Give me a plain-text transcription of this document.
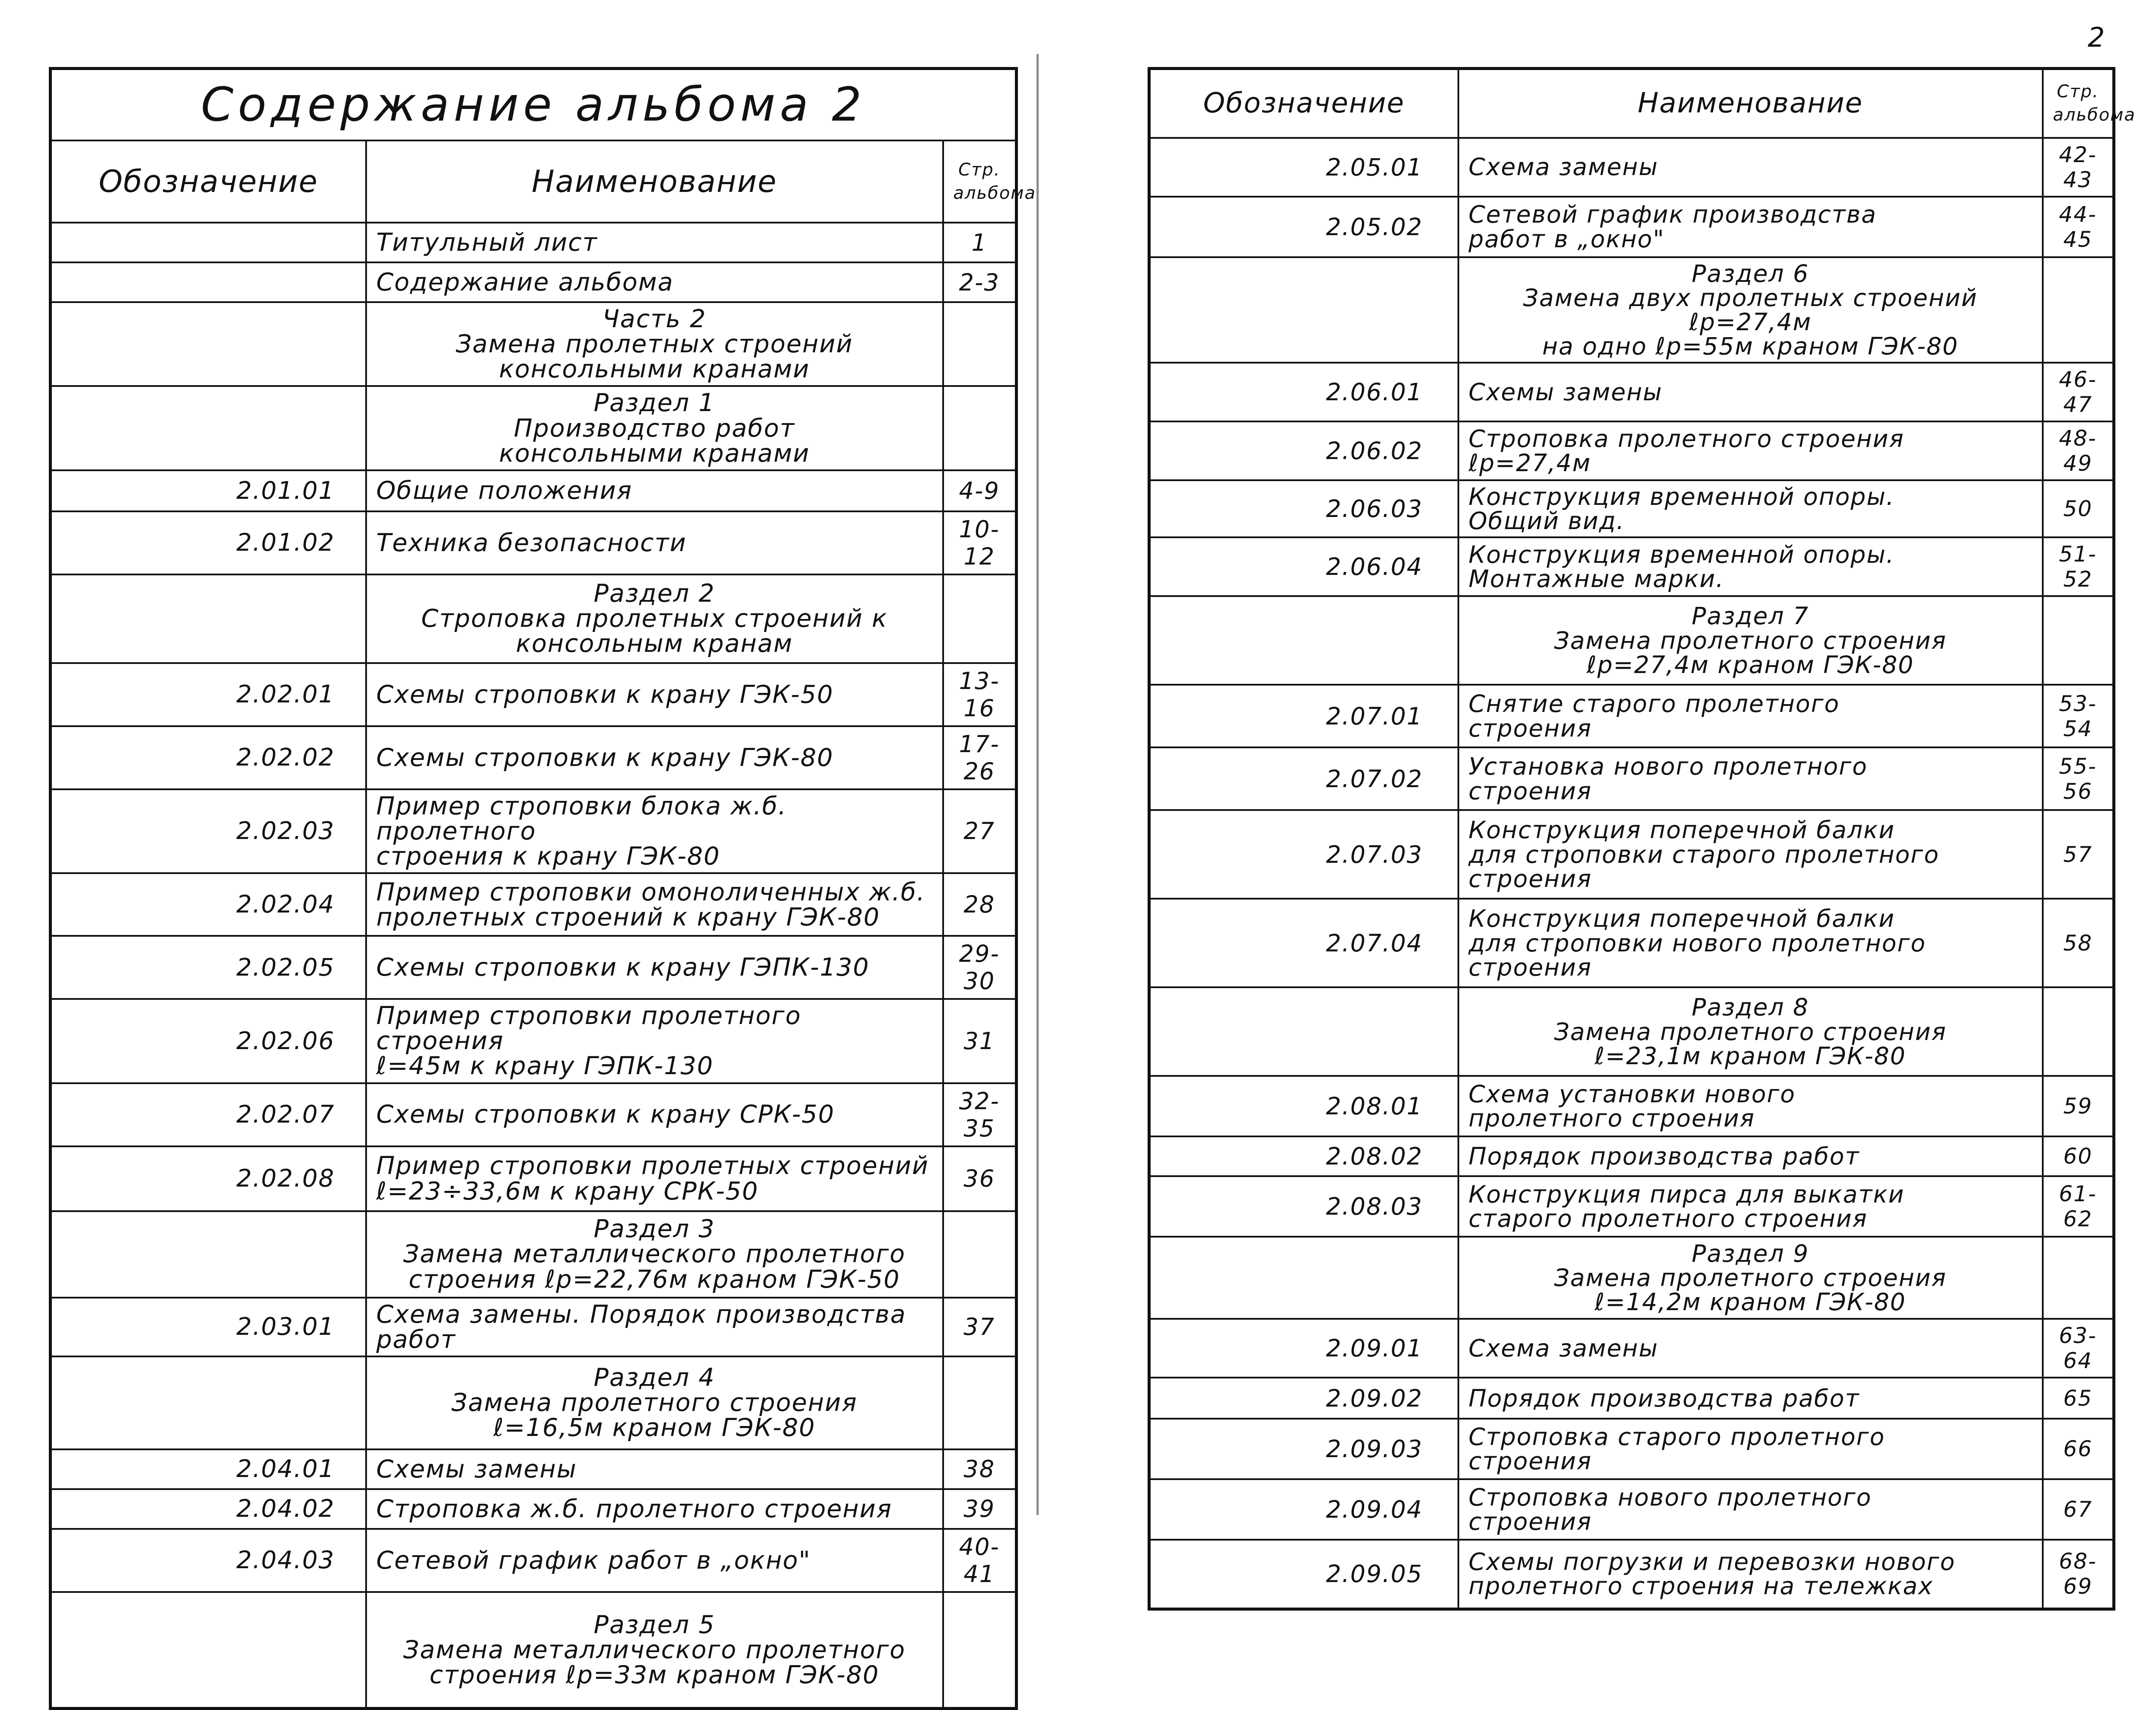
2
Содержание альбома 2		
Обозначение	Наименование	Стр.
альбома
	Титульный лист	1
	Содержание альбома	2-3
	Часть 2
Замена пролетных строений
консольными кранами	
	Раздел 1
Производство работ
консольными кранами	
2.01.01	Общие положения	4-9
2.01.02	Техника безопасности	10-12
	Раздел 2
Строповка пролетных строений к
консольным кранам	
2.02.01	Схемы строповки к крану ГЭК-50	13-16
2.02.02	Схемы строповки к крану ГЭК-80	17-26
2.02.03	Пример строповки блока ж.б. пролетного
строения к крану ГЭК-80	27
2.02.04	Пример строповки омоноличенных ж.б.
пролетных строений к крану ГЭК-80	28
2.02.05	Схемы строповки к крану ГЭПК-130	29-30
2.02.06	Пример строповки пролетного строения
ℓ=45м к крану ГЭПК-130	31
2.02.07	Схемы строповки к крану СРК-50	32-35
2.02.08	Пример строповки пролетных строений
ℓ=23÷33,6м к крану СРК-50	36
	Раздел 3
Замена металлического пролетного
строения ℓр=22,76м краном ГЭК-50	
2.03.01	Схема замены. Порядок производства работ	37
	Раздел 4
Замена пролетного строения
ℓ=16,5м краном ГЭК-80	
2.04.01	Схемы замены	38
2.04.02	Строповка ж.б. пролетного строения	39
2.04.03	Сетевой график работ в „окно"	40-41
	Раздел 5
Замена металлического пролетного
строения ℓр=33м краном ГЭК-80	
Обозначение	Наименование	Стр.
альбома
2.05.01	Схема замены	42-43
2.05.02	Сетевой график производства
работ в „окно"	44-45
	Раздел 6
Замена двух пролетных строений ℓр=27,4м
на одно ℓр=55м краном ГЭК-80	
2.06.01	Схемы замены	46-47
2.06.02	Строповка пролетного строения ℓр=27,4м	48-49
2.06.03	Конструкция временной опоры.
Общий вид.	50
2.06.04	Конструкция временной опоры.
Монтажные марки.	51-52
	Раздел 7
Замена пролетного строения
ℓр=27,4м краном ГЭК-80	
2.07.01	Снятие старого пролетного
строения	53-54
2.07.02	Установка нового пролетного
строения	55-56
2.07.03	Конструкция поперечной балки
для строповки старого пролетного
строения	57
2.07.04	Конструкция поперечной балки
для строповки нового пролетного
строения	58
	Раздел 8
Замена пролетного строения
ℓ=23,1м краном ГЭК-80	
2.08.01	Схема установки нового
пролетного строения	59
2.08.02	Порядок производства работ	60
2.08.03	Конструкция пирса для выкатки
старого пролетного строения	61-62
	Раздел 9
Замена пролетного строения
ℓ=14,2м краном ГЭК-80	
2.09.01	Схема замены	63-64
2.09.02	Порядок производства работ	65
2.09.03	Строповка старого пролетного
строения	66
2.09.04	Строповка нового пролетного
строения	67
2.09.05	Схемы погрузки и перевозки нового
пролетного строения на тележках	68-69
